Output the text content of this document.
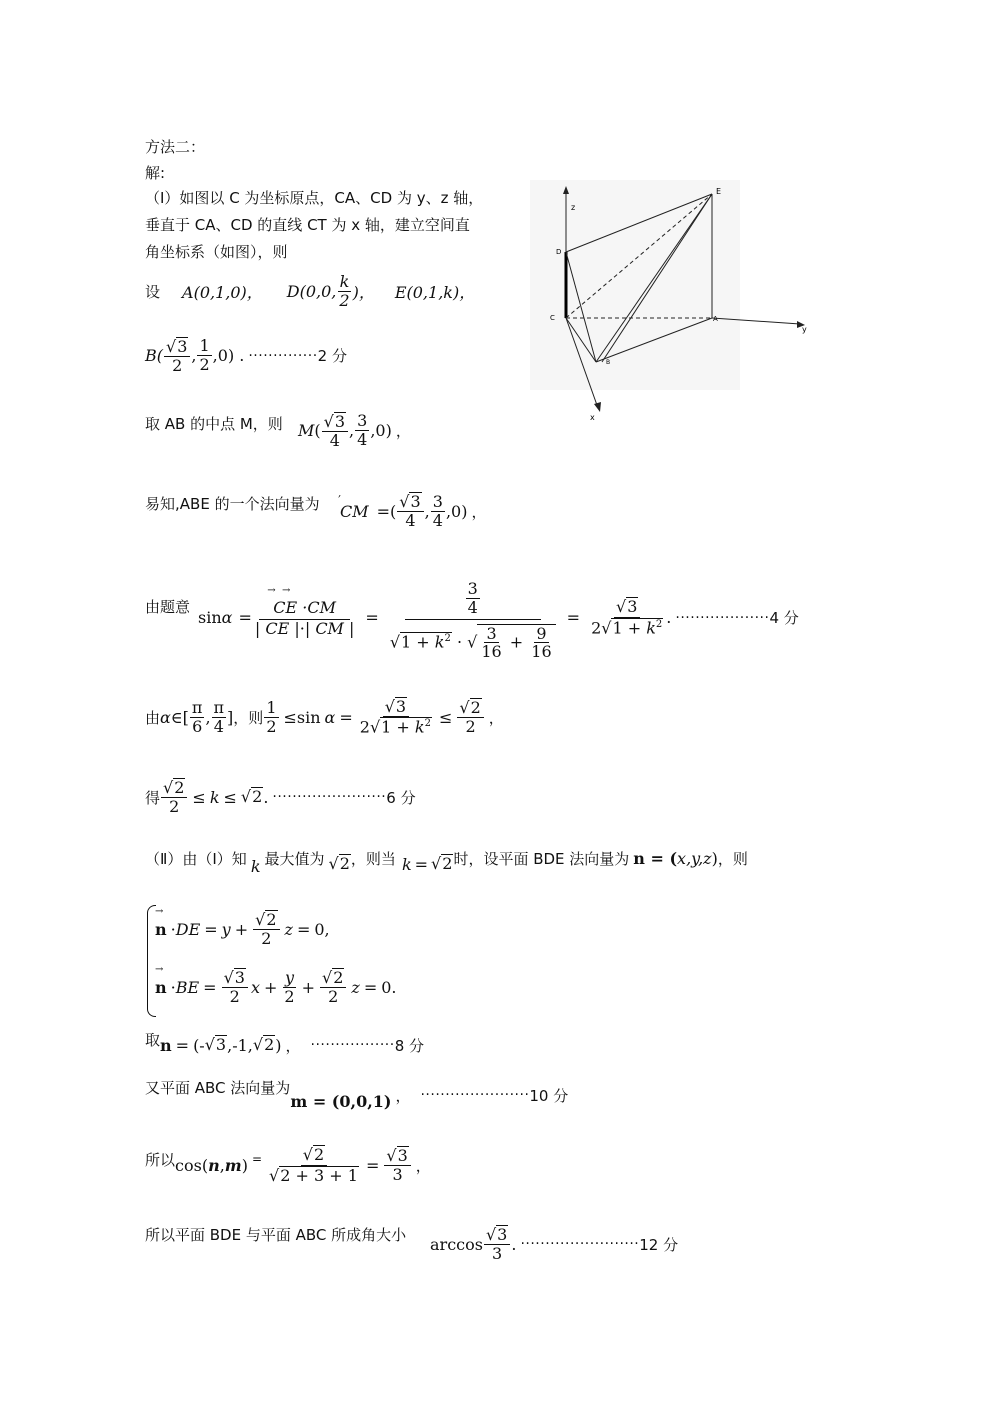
方法二：
解:
（Ⅰ）如图以 C 为坐标原点，CA、CD 为 y、z 轴，
垂直于 CA、CD 的直线 CT 为 x 轴，建立空间直
角坐标系（如图），则
设 A(0,1,0)， D(0,0, $\frac{k}{2}$ )， E(0,1,k)，
$B( \frac{√3}{2}$ , $\frac{1}{2} ,0$) . ·············· 2 分
E
z
D
C	A
y
B
x
取 AB 的中点 M，则 M ( $\frac{√3}{4}$ , $\frac{3}{4} ,0$) ，
易知,ABE 的一个法向量为 CM
,
=( $\frac{√3}{4}$ , $\frac{3}{4} ,0$) ，
由题意
sin α = CE ·CM
→  →
| CE |·| CM | = $\frac{\frac{3}{4}}{√1 + k^2 \cdot √ \frac{3}{16} + \frac{9}{16}} = \frac{√3}{2√1 + k^2}$ . ··················· 4 分
由 α ∈[ $\frac{\pi}{6}$ , $\frac{\pi}{4}$ ] ，则 $\frac{1}{2} \le\sin$ $\alpha = \frac{√3}{2√1 + k^2} \le \frac{√2}{2}$ ，
得 $\frac{√2}{2} \le k \le √2$ . ······················· 6 分
（Ⅱ）由（Ⅰ）知 k 最大值为 √2 ，则当 k = √2 时，设平面 BDE 法向量为 n = ( x,y,z ) ，则
n
→
· DE = $y + \frac{√2}{2}$ z = 0,
n
→
· BE = $\frac{√3}{2}$ $x + \frac{y}{2} + \frac{√2}{2}$ z = 0.
取 n = (- √3 ,-1, √2 ) ， ················· 8 分
又平面 ABC 法向量为
m = (0,0,1) ， ······················ 10 分
所以 cos( n , m ) = $\frac{√2}{√2 + 3 + 1} = \frac{√3}{3}$ ，
所以平面 BDE 与平面 ABC 所成角大小 $\arccos \frac{√3}{3}$ . ························ 12 分
